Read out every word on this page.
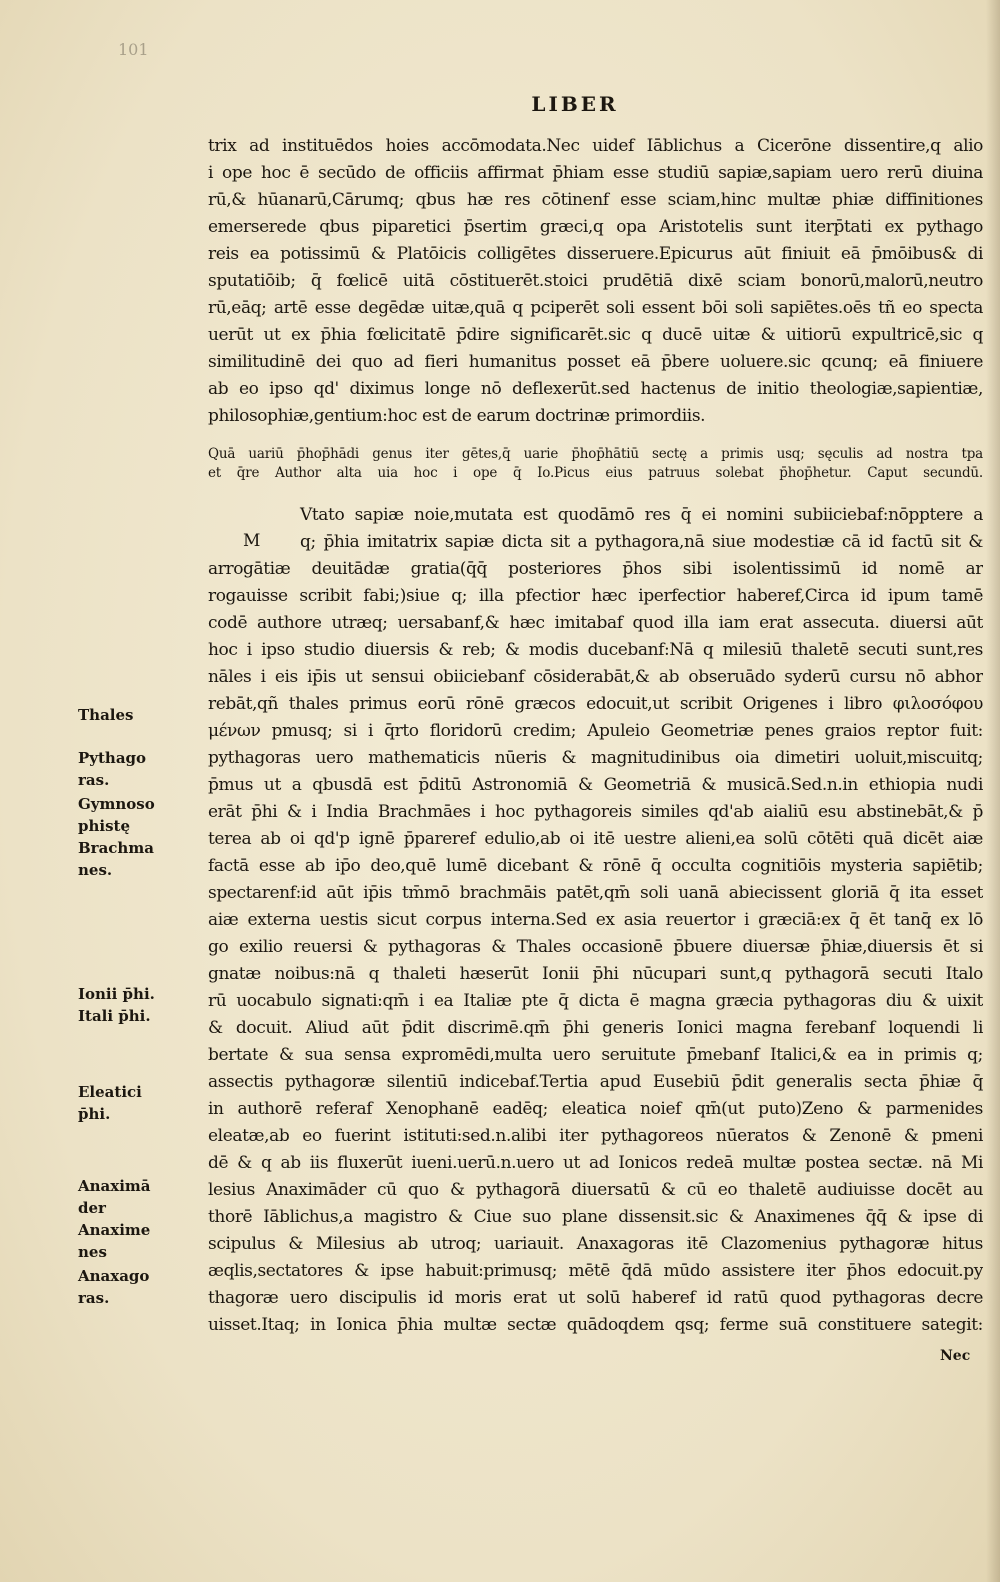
101
LIBER
trix ad instituēdos hoies accōmodata.Nec uidef Iāblichus a Cicerōne dissentire,q alio
i ope hoc ē secūdo de officiis affirmat p̄hiam esse studiū sapiæ,sapiam uero rerū diuina
rū,& hūanarū,Cārumq; qbus hæ res cōtinenf esse sciam,hinc multæ phiæ diffinitiones
emerserede qbus piparetici p̄sertim græci,q opa Aristotelis sunt iterp̄tati ex pythago
reis ea potissimū & Platōicis colligētes disseruere.Epicurus aūt finiuit eā p̄mōibus& di
sputatiōib; q̄ fœlicē uitā cōstituerēt.stoici prudētiā dixē sciam bonorū,malorū,neutro
rū,eāq; artē esse degēdæ uitæ,quā q pciperēt soli essent bōi soli sapiētes.oēs tñ eo specta
uerūt ut ex p̄hia fœlicitatē p̄dire significarēt.sic q ducē uitæ & uitiorū expultricē,sic q
similitudinē dei quo ad fieri humanitus posset eā p̄bere uoluere.sic qcunq; eā finiuere
ab eo ipso qd' diximus longe nō deflexerūt.sed hactenus de initio theologiæ,sapientiæ,
philosophiæ,gentium:hoc est de earum doctrinæ primordiis.
Quā uariū p̄hop̄hādi genus iter gētes,q̄ uarie p̄hop̄hātiū sectę a primis usq; sęculis ad nostra tpa
et q̄re Author alta uia hoc i ope q̄ Io.Picus eius patruus solebat p̄hop̄hetur. Caput secundū.
M
Vtato sapiæ noie,mutata est quodāmō res q̄ ei nomini subiiciebaf:nōpptere a
q; p̄hia imitatrix sapiæ dicta sit a pythagora,nā siue modestiæ cā id factū sit &
arrogātiæ deuitādæ gratia(q̄q̄ posteriores p̄hos sibi isolentissimū id nomē ar
rogauisse scribit fabi;)siue q; illa pfectior hæc iperfectior haberef,Circa id ipum tamē
codē authore utræq; uersabanf,& hæc imitabaf quod illa iam erat assecuta. diuersi aūt
hoc i ipso studio diuersis & reb; & modis ducebanf:Nā q milesiū thaletē secuti sunt,res
nāles i eis ip̄is ut sensui obiiciebanf cōsiderabāt,& ab obseruādo syderū cursu nō abhor
rebāt,qñ thales primus eorū rōnē græcos edocuit,ut scribit Origenes i libro φιλοσόφου
μένων pmusq; si i q̄rto floridorū credim; Apuleio Geometriæ penes graios reptor fuit:
pythagoras uero mathematicis nūeris & magnitudinibus oia dimetiri uoluit,miscuitq;
p̄mus ut a qbusdā est p̄ditū Astronomiā & Geometriā & musicā.Sed.n.in ethiopia nudi
erāt p̄hi & i India Brachmāes i hoc pythagoreis similes qd'ab aialiū esu abstinebāt,& p̄
terea ab oi qd'p ignē p̄pareref edulio,ab oi itē uestre alieni,ea solū cōtēti quā dicēt aiæ
factā esse ab ip̄o deo,quē lumē dicebant & rōnē q̄ occulta cognitiōis mysteria sapiētib;
spectarenf:id aūt ip̄is tm̄mō brachmāis patēt,qm̄ soli uanā abiecissent gloriā q̄ ita esset
aiæ externa uestis sicut corpus interna.Sed ex asia reuertor i græciā:ex q̄ ēt tanq̄ ex lō
go exilio reuersi & pythagoras & Thales occasionē p̄buere diuersæ p̄hiæ,diuersis ēt si
gnatæ noibus:nā q thaleti hæserūt Ionii p̄hi nūcupari sunt,q pythagorā secuti Italo
rū uocabulo signati:qm̄ i ea Italiæ pte q̄ dicta ē magna græcia pythagoras diu & uixit
& docuit. Aliud aūt p̄dit discrimē.qm̄ p̄hi generis Ionici magna ferebanf loquendi li
bertate & sua sensa expromēdi,multa uero seruitute p̄mebanf Italici,& ea in primis q;
assectis pythagoræ silentiū indicebaf.Tertia apud Eusebiū p̄dit generalis secta p̄hiæ q̄
in authorē referaf Xenophanē eadēq; eleatica noief qm̄(ut puto)Zeno & parmenides
eleatæ,ab eo fuerint istituti:sed.n.alibi iter pythagoreos nūeratos & Zenonē & pmeni
dē & q ab iis fluxerūt iueni.uerū.n.uero ut ad Ionicos redeā multæ postea sectæ. nā Mi
lesius Anaximāder cū quo & pythagorā diuersatū & cū eo thaletē audiuisse docēt au
thorē Iāblichus,a magistro & Ciue suo plane dissensit.sic & Anaximenes q̄q̄ & ipse di
scipulus & Milesius ab utroq; uariauit. Anaxagoras itē Clazomenius pythagoræ hitus
æqlis,sectatores & ipse habuit:primusq; mētē q̄dā mūdo assistere iter p̄hos edocuit.py
thagoræ uero discipulis id moris erat ut solū haberef id ratū quod pythagoras decre
uisset.Itaq; in Ionica p̄hia multæ sectæ quādoqdem qsq; ferme suā constituere sategit:
Nec
Thales
Pythago
ras.
Gymnoso
phistę
Brachma
nes.
Ionii p̄hi.
Itali p̄hi.
Eleatici
p̄hi.
Anaximā
der
Anaxime
nes
Anaxago
ras.
